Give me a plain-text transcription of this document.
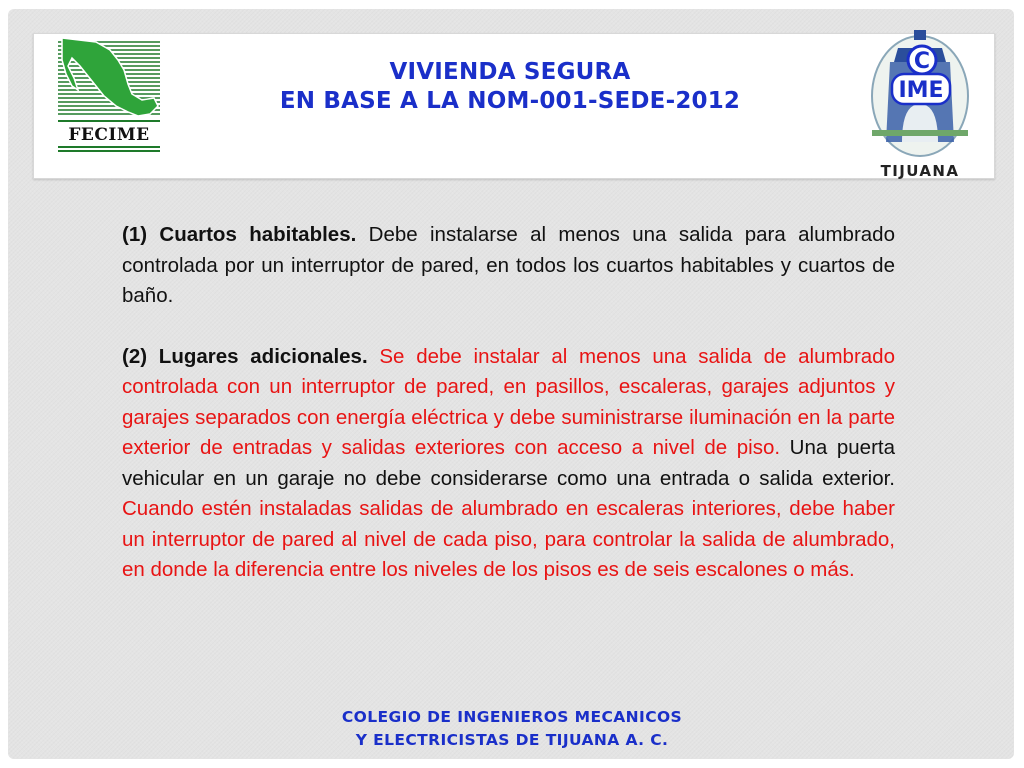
FECIME
VIVIENDA SEGURA
EN BASE A LA NOM-001-SEDE-2012
C
IME
TIJUANA

(1) Cuartos habitables. Debe instalarse al menos una salida para alumbrado controlada por un interruptor de pared, en todos los cuartos habitables y cuartos de baño.

(2) Lugares adicionales. Se debe instalar al menos una salida de alumbrado controlada con un interruptor de pared, en pasillos, escaleras, garajes adjuntos y garajes separados con energía eléctrica y debe suministrarse iluminación en la parte exterior de entradas y salidas exteriores con acceso a nivel de piso. Una puerta vehicular en un garaje no debe considerarse como una entrada o salida exterior. Cuando estén instaladas salidas de alumbrado en escaleras interiores, debe haber un interruptor de pared al nivel de cada piso, para controlar la salida de alumbrado, en donde la diferencia entre los niveles de los pisos es de seis escalones o más.

COLEGIO DE INGENIEROS MECANICOS
Y ELECTRICISTAS DE TIJUANA A. C.
